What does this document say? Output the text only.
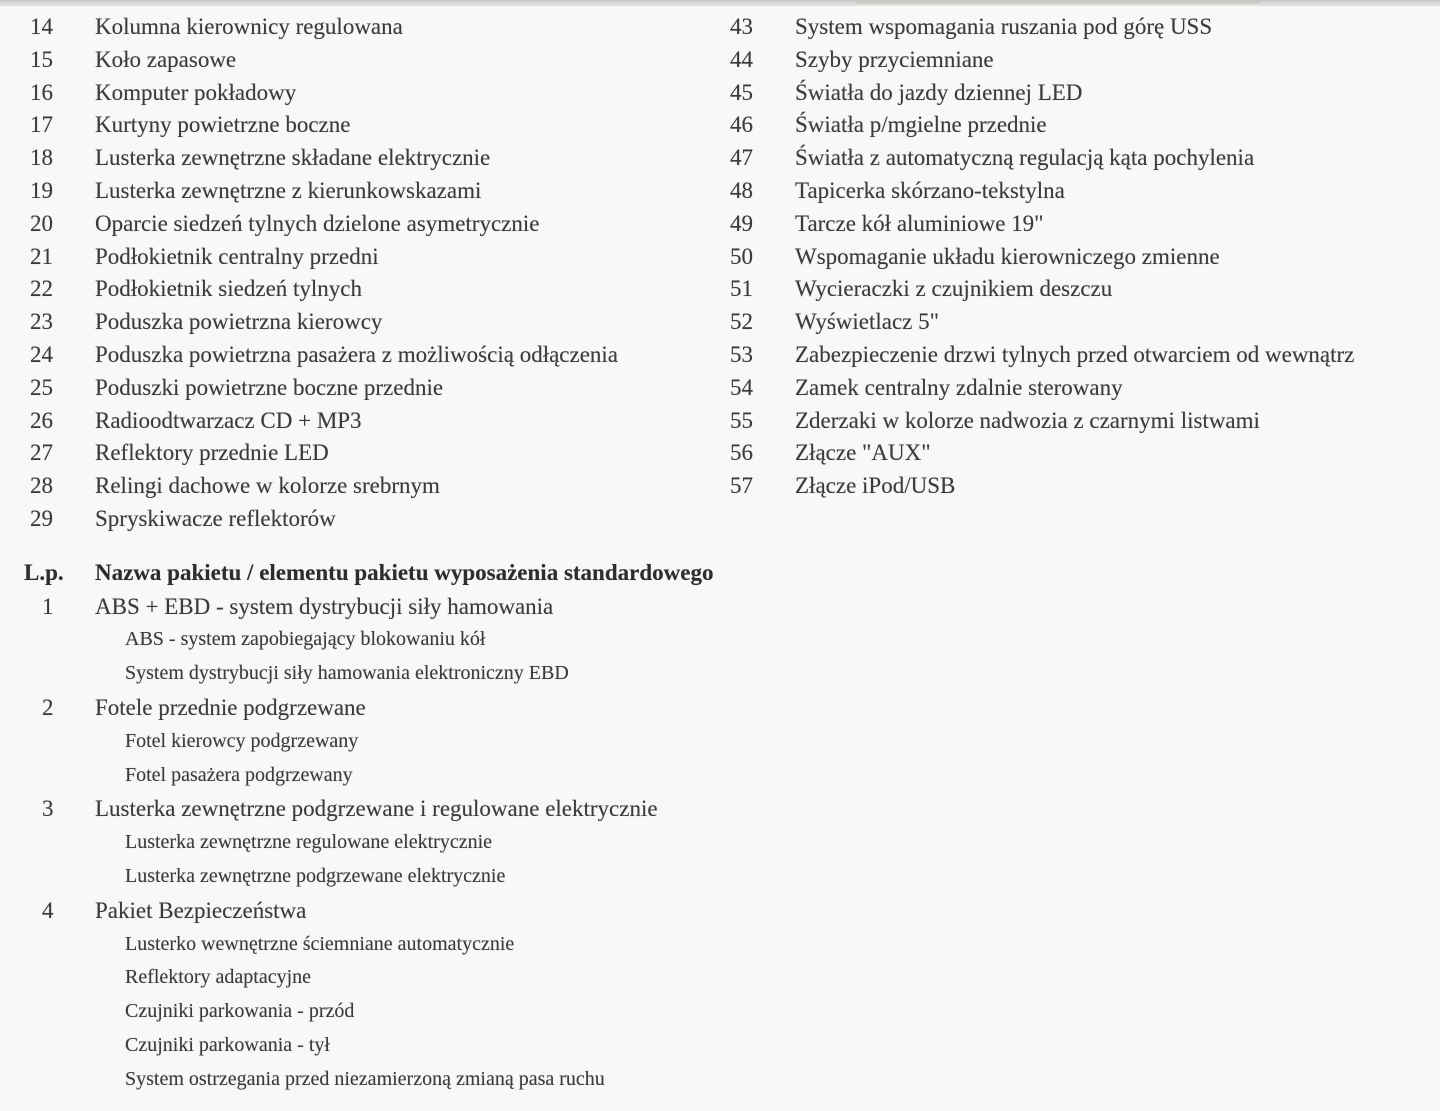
14	Kolumna kierownicy regulowana
15	Koło zapasowe
16	Komputer pokładowy
17	Kurtyny powietrzne boczne
18	Lusterka zewnętrzne składane elektrycznie
19	Lusterka zewnętrzne z kierunkowskazami
20	Oparcie siedzeń tylnych dzielone asymetrycznie
21	Podłokietnik centralny przedni
22	Podłokietnik siedzeń tylnych
23	Poduszka powietrzna kierowcy
24	Poduszka powietrzna pasażera z możliwością odłączenia
25	Poduszki powietrzne boczne przednie
26	Radioodtwarzacz CD + MP3
27	Reflektory przednie LED
28	Relingi dachowe w kolorze srebrnym
29	Spryskiwacze reflektorów
43	System wspomagania ruszania pod górę USS
44	Szyby przyciemniane
45	Światła do jazdy dziennej LED
46	Światła p/mgielne przednie
47	Światła z automatyczną regulacją kąta pochylenia
48	Tapicerka skórzano-tekstylna
49	Tarcze kół aluminiowe 19"
50	Wspomaganie układu kierowniczego zmienne
51	Wycieraczki z czujnikiem deszczu
52	Wyświetlacz 5"
53	Zabezpieczenie drzwi tylnych przed otwarciem od wewnątrz
54	Zamek centralny zdalnie sterowany
55	Zderzaki w kolorze nadwozia z czarnymi listwami
56	Złącze "AUX"
57	Złącze iPod/USB
L.p.	Nazwa pakietu / elementu pakietu wyposażenia standardowego
1	ABS + EBD - system dystrybucji siły hamowania
ABS - system zapobiegający blokowaniu kół
System dystrybucji siły hamowania elektroniczny EBD
2	Fotele przednie podgrzewane
Fotel kierowcy podgrzewany
Fotel pasażera podgrzewany
3	Lusterka zewnętrzne podgrzewane i regulowane elektrycznie
Lusterka zewnętrzne regulowane elektrycznie
Lusterka zewnętrzne podgrzewane elektrycznie
4	Pakiet Bezpieczeństwa
Lusterko wewnętrzne ściemniane automatycznie
Reflektory adaptacyjne
Czujniki parkowania - przód
Czujniki parkowania - tył
System ostrzegania przed niezamierzoną zmianą pasa ruchu
